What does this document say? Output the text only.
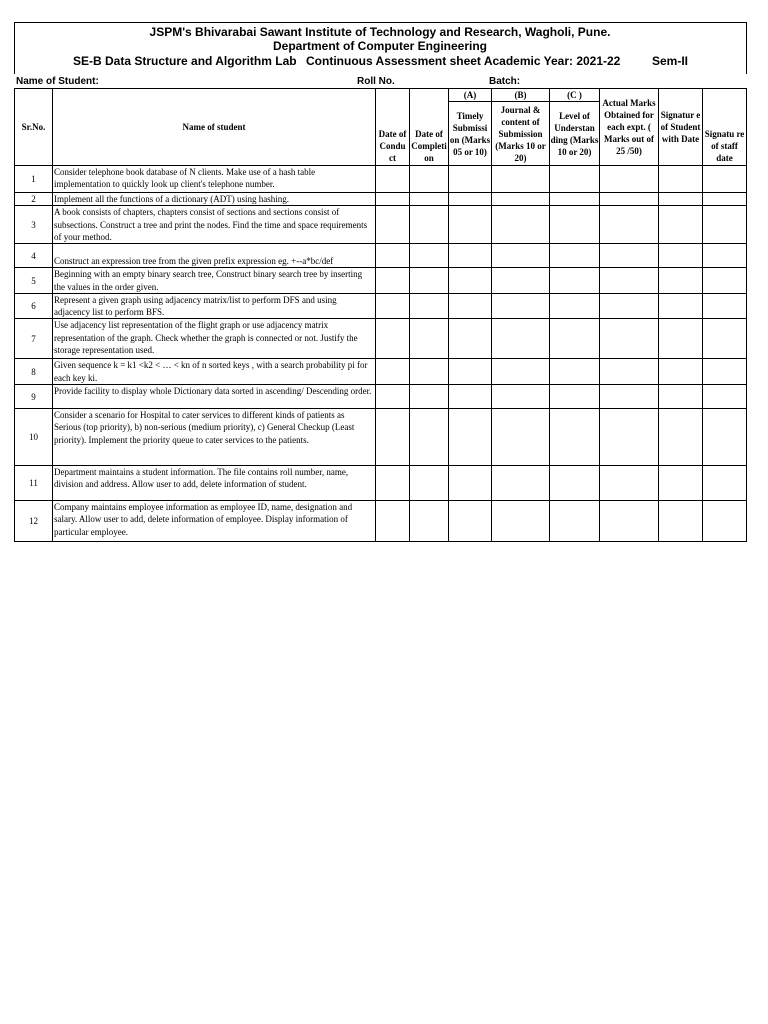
JSPM's Bhivarabai Sawant Institute of Technology and Research, Wagholi, Pune.
Department of Computer Engineering
SE-B Data Structure and Algorithm Lab Continuous Assessment sheet Academic Year: 2021-22	Sem-II
Name of Student:	Roll No.	Batch:
Sr.No.	Name of student	Date of Condu ct	Date of Completi on	(A)	(B)	(C )	Actual Marks Obtained for each expt. ( Marks out of 25 /50)	Signatur e of Student with Date	Signatu re of staff date
				Timely Submissi on (Marks 05 or 10)	Journal & content of Submission (Marks 10 or 20)	Level of Understan ding (Marks 10 or 20)			
1	Consider telephone book database of N clients. Make use of a hash table implementation to quickly look up client's telephone number.								
2	Implement all the functions of a dictionary (ADT) using hashing.								
3	A book consists of chapters, chapters consist of sections and sections consist of subsections. Construct a tree and print the nodes. Find the time and space requirements of your method.								
4	Construct an expression tree from the given prefix expression eg. +--a*bc/def								
5	Beginning with an empty binary search tree, Construct binary search tree by inserting the values in the order given.								
6	Represent a given graph using adjacency matrix/list to perform DFS and using adjacency list to perform BFS.								
7	Use adjacency list representation of the flight graph or use adjacency matrix representation of the graph. Check whether the graph is connected or not. Justify the storage representation used.								
8	Given sequence k = k1 <k2 < … < kn of n sorted keys , with a search probability pi for each key ki.								
9	Provide facility to display whole Dictionary data sorted in ascending/ Descending order.								
10	Consider a scenario for Hospital to cater services to different kinds of patients as Serious (top priority), b) non-serious (medium priority), c) General Checkup (Least priority). Implement the priority queue to cater services to the patients.								
11	Department maintains a student information. The file contains roll number, name, division and address. Allow user to add, delete information of student.								
12	Company maintains employee information as employee ID, name, designation and salary. Allow user to add, delete information of employee. Display information of particular employee.								
